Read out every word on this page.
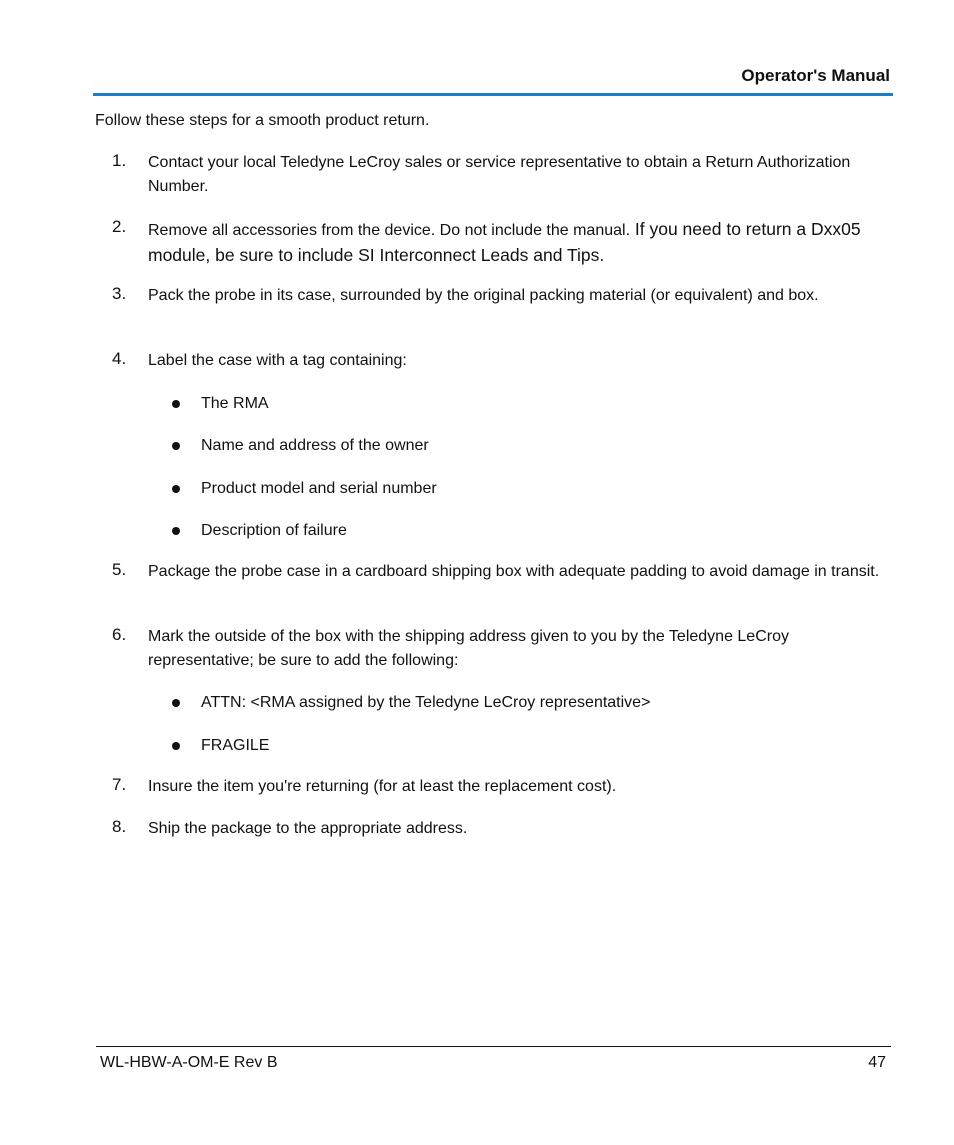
Operator's Manual
Follow these steps for a smooth product return.
1. Contact your local Teledyne LeCroy sales or service representative to obtain a Return Authorization Number.
2. Remove all accessories from the device. Do not include the manual. If you need to return a Dxx05 module, be sure to include SI Interconnect Leads and Tips.
3. Pack the probe in its case, surrounded by the original packing material (or equivalent) and box.
4. Label the case with a tag containing:
The RMA
Name and address of the owner
Product model and serial number
Description of failure
5. Package the probe case in a cardboard shipping box with adequate padding to avoid damage in transit.
6. Mark the outside of the box with the shipping address given to you by the Teledyne LeCroy representative; be sure to add the following:
ATTN: <RMA assigned by the Teledyne LeCroy representative>
FRAGILE
7. Insure the item you're returning (for at least the replacement cost).
8. Ship the package to the appropriate address.
WL-HBW-A-OM-E Rev B	47
